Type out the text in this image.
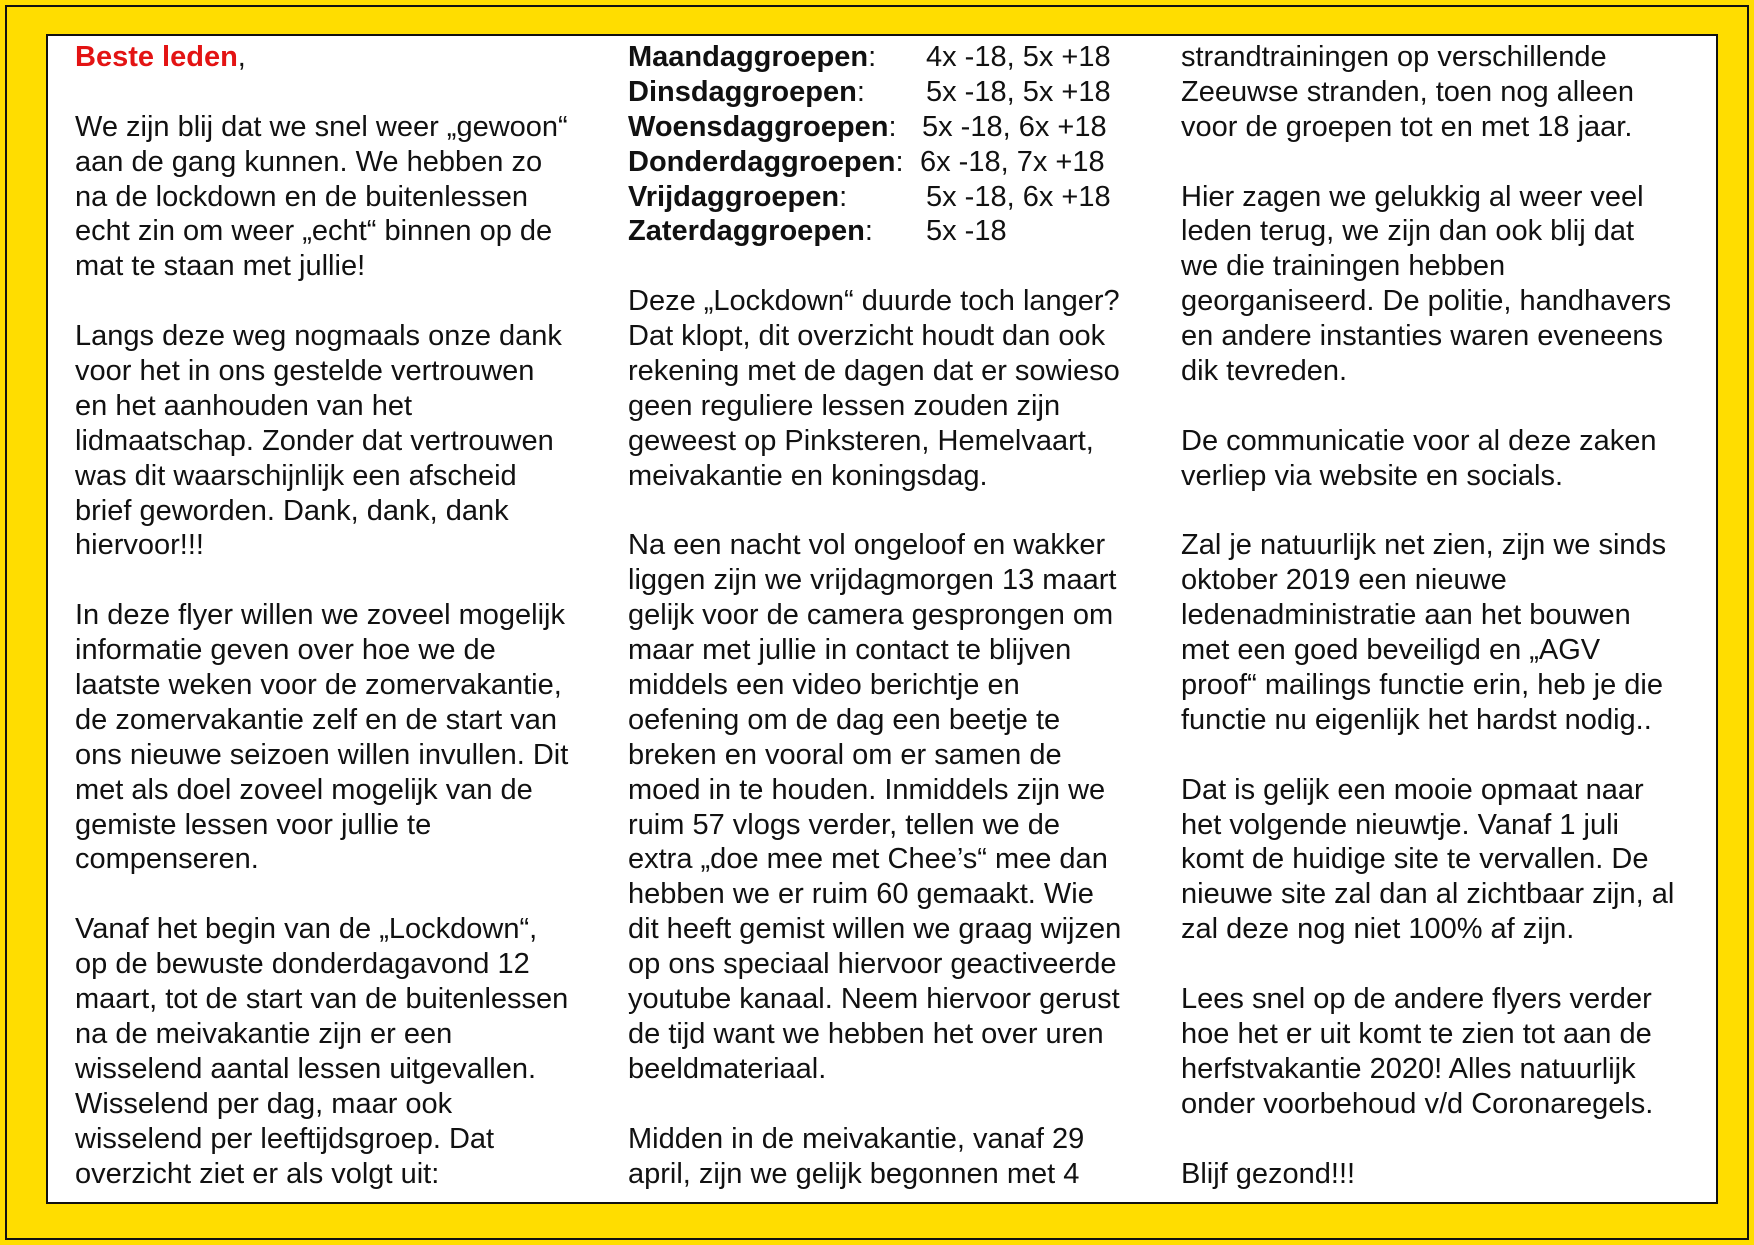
Beste leden,
We zijn blij dat we snel weer „gewoon“
aan de gang kunnen. We hebben zo
na de lockdown en de buitenlessen
echt zin om weer „echt“ binnen op de
mat te staan met jullie!
Langs deze weg nogmaals onze dank
voor het in ons gestelde vertrouwen
en het aanhouden van het
lidmaatschap. Zonder dat vertrouwen
was dit waarschijnlijk een afscheid
brief geworden. Dank, dank, dank
hiervoor!!!
In deze flyer willen we zoveel mogelijk
informatie geven over hoe we de
laatste weken voor de zomervakantie,
de zomervakantie zelf en de start van
ons nieuwe seizoen willen invullen. Dit
met als doel zoveel mogelijk van de
gemiste lessen voor jullie te
compenseren.
Vanaf het begin van de „Lockdown“,
op de bewuste donderdagavond 12
maart, tot de start van de buitenlessen
na de meivakantie zijn er een
wisselend aantal lessen uitgevallen.
Wisselend per dag, maar ook
wisselend per leeftijdsgroep. Dat
overzicht ziet er als volgt uit:
Maandaggroepen: 4x -18, 5x +18
Dinsdaggroepen: 5x -18, 5x +18
Woensdaggroepen: 5x -18, 6x +18
Donderdaggroepen: 6x -18, 7x +18
Vrijdaggroepen:	5x -18, 6x +18
Zaterdaggroepen: 5x -18
Deze „Lockdown“ duurde toch langer?
Dat klopt, dit overzicht houdt dan ook
rekening met de dagen dat er sowieso
geen reguliere lessen zouden zijn
geweest op Pinksteren, Hemelvaart,
meivakantie en koningsdag.
Na een nacht vol ongeloof en wakker
liggen zijn we vrijdagmorgen 13 maart
gelijk voor de camera gesprongen om
maar met jullie in contact te blijven
middels een video berichtje en
oefening om de dag een beetje te
breken en vooral om er samen de
moed in te houden. Inmiddels zijn we
ruim 57 vlogs verder, tellen we de
extra „doe mee met Chee’s“ mee dan
hebben we er ruim 60 gemaakt. Wie
dit heeft gemist willen we graag wijzen
op ons speciaal hiervoor geactiveerde
youtube kanaal. Neem hiervoor gerust
de tijd want we hebben het over uren
beeldmateriaal.
Midden in de meivakantie, vanaf 29
april, zijn we gelijk begonnen met 4
strandtrainingen op verschillende
Zeeuwse stranden, toen nog alleen
voor de groepen tot en met 18 jaar.
Hier zagen we gelukkig al weer veel
leden terug, we zijn dan ook blij dat
we die trainingen hebben
georganiseerd. De politie, handhavers
en andere instanties waren eveneens
dik tevreden.
De communicatie voor al deze zaken
verliep via website en socials.
Zal je natuurlijk net zien, zijn we sinds
oktober 2019 een nieuwe
ledenadministratie aan het bouwen
met een goed beveiligd en „AGV
proof“ mailings functie erin, heb je die
functie nu eigenlijk het hardst nodig..
Dat is gelijk een mooie opmaat naar
het volgende nieuwtje. Vanaf 1 juli
komt de huidige site te vervallen. De
nieuwe site zal dan al zichtbaar zijn, al
zal deze nog niet 100% af zijn.
Lees snel op de andere flyers verder
hoe het er uit komt te zien tot aan de
herfstvakantie 2020! Alles natuurlijk
onder voorbehoud v/d Coronaregels.
Blijf gezond!!!
